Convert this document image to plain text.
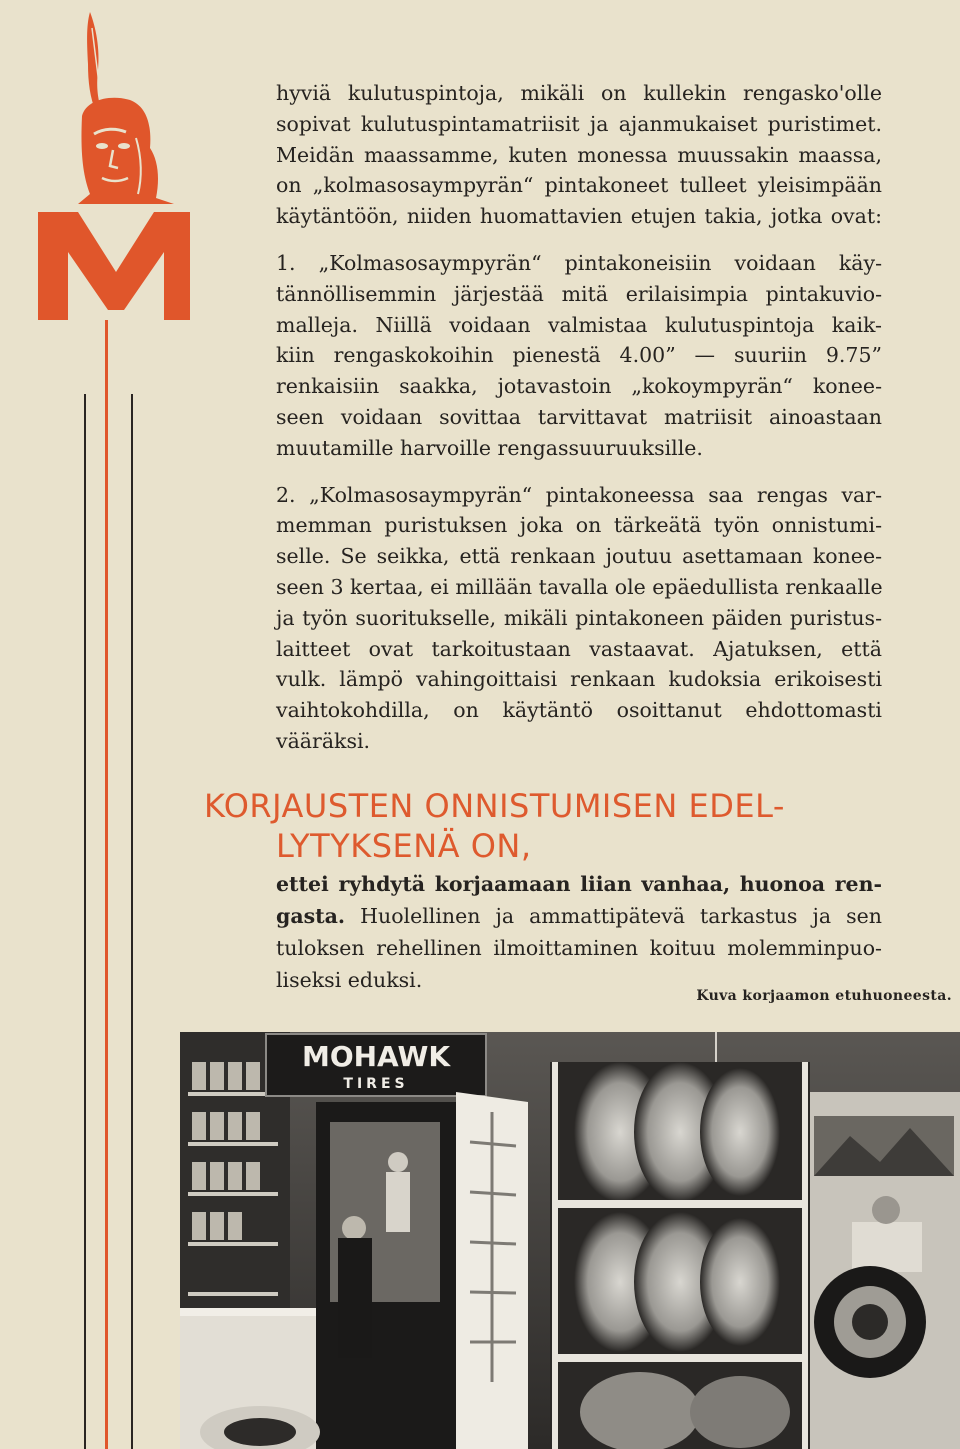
hyviä kulutuspintoja, mikäli on kullekin rengasko'olle
sopivat kulutuspintamatriisit ja ajanmukaiset puristimet.
Meidän maassamme, kuten monessa muussakin maassa,
on „kolmasosaympyrän“ pintakoneet tulleet yleisimpään
käytäntöön, niiden huomattavien etujen takia, jotka ovat:
1. „Kolmasosaympyrän“ pintakoneisiin voidaan käy-
tännöllisemmin järjestää mitä erilaisimpia pintakuvio-
malleja. Niillä voidaan valmistaa kulutuspintoja kaik-
kiin rengaskokoihin pienestä 4.00” — suuriin 9.75”
renkaisiin saakka, jotavastoin „kokoympyrän“ konee-
seen voidaan sovittaa tarvittavat matriisit ainoastaan
muutamille harvoille rengassuuruuksille.
2. „Kolmasosaympyrän“ pintakoneessa saa rengas var-
memman puristuksen joka on tärkeätä työn onnistumi-
selle. Se seikka, että renkaan joutuu asettamaan konee-
seen 3 kertaa, ei millään tavalla ole epäedullista renkaalle
ja työn suoritukselle, mikäli pintakoneen päiden puristus-
laitteet ovat tarkoitustaan vastaavat. Ajatuksen, että
vulk. lämpö vahingoittaisi renkaan kudoksia erikoisesti
vaihtokohdilla, on käytäntö osoittanut ehdottomasti
vääräksi.
KORJAUSTEN ONNISTUMISEN EDEL-
LYTYKSENÄ ON,
ettei ryhdytä korjaamaan liian vanhaa, huonoa ren-
gasta. Huolellinen ja ammattipätevä tarkastus ja sen
tuloksen rehellinen ilmoittaminen koituu molemminpuo-
liseksi eduksi.
Kuva korjaamon etuhuoneesta.
MOHAWK
TIRES
